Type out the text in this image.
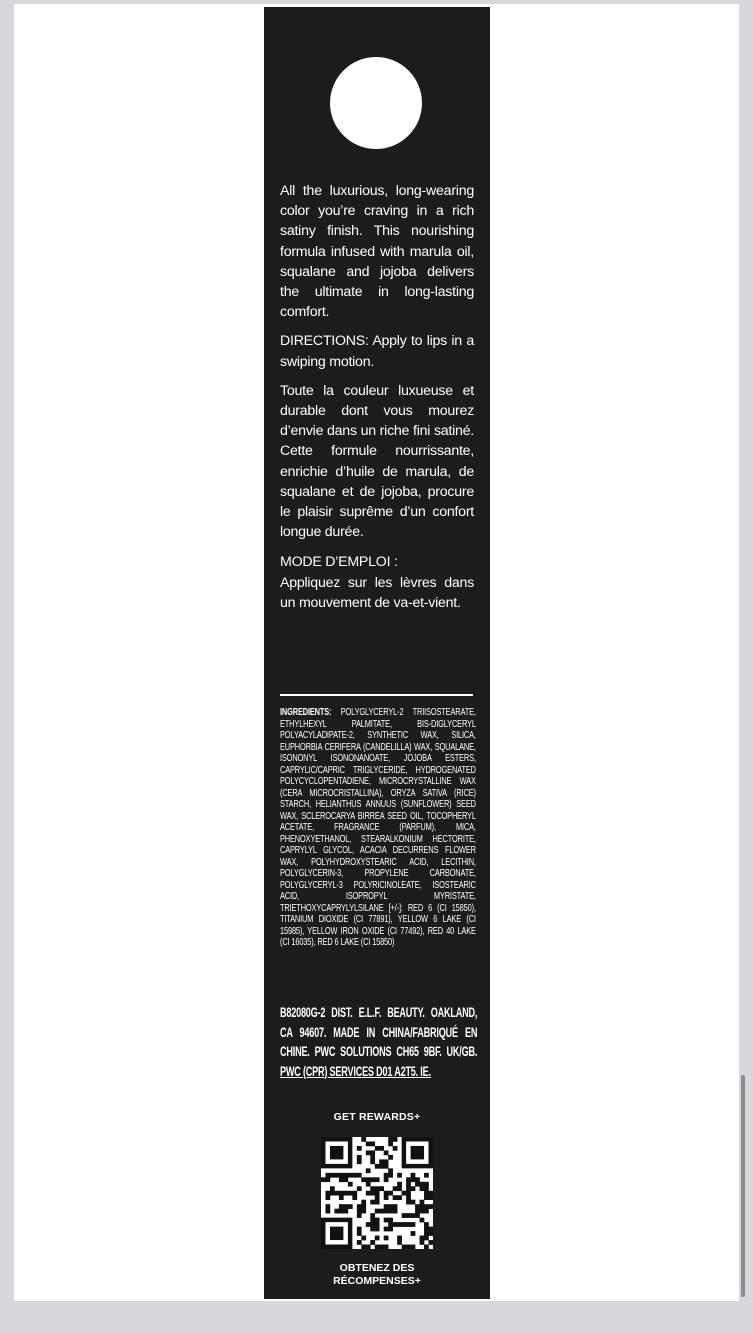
All the luxurious, long-wearing color you’re craving in a rich satiny finish. This nourishing formula infused with marula oil, squalane and jojoba delivers the ultimate in long-lasting comfort.

DIRECTIONS: Apply to lips in a swiping motion.

Toute la couleur luxueuse et durable dont vous mourez d’envie dans un riche fini satiné. Cette formule nourrissante, enrichie d’huile de marula, de squalane et de jojoba, procure le plaisir suprême d’un confort longue durée.

MODE D’EMPLOI :

Appliquez sur les lèvres dans un mouvement de va-et-vient.

INGREDIENTS: POLYGLYCERYL-2 TRIISOSTEARATE, ETHYLHEXYL PALMITATE, BIS-DIGLYCERYL POLYACYLADIPATE-2, SYNTHETIC WAX, SILICA, EUPHORBIA CERIFERA (CANDELILLA) WAX, SQUALANE, ISONONYL ISONONANOATE, JOJOBA ESTERS, CAPRYLIC/CAPRIC TRIGLYCERIDE, HYDROGENATED POLYCYCLOPENTADIENE, MICROCRYSTALLINE WAX (CERA MICROCRISTALLINA), ORYZA SATIVA (RICE) STARCH, HELIANTHUS ANNUUS (SUNFLOWER) SEED WAX, SCLEROCARYA BIRREA SEED OIL, TOCOPHERYL ACETATE, FRAGRANCE (PARFUM), MICA, PHENOXYETHANOL, STEARALKONIUM HECTORITE, CAPRYLYL GLYCOL, ACACIA DECURRENS FLOWER WAX, POLYHYDROXYSTEARIC ACID, LECITHIN, POLYGLYCERIN-3, PROPYLENE CARBONATE, POLYGLYCERYL-3 POLYRICINOLEATE, ISOSTEARIC ACID, ISOPROPYL MYRISTATE, TRIETHOXYCAPRYLYLSILANE [+/-]: RED 6 (CI 15850), TITANIUM DIOXIDE (CI 77891), YELLOW 6 LAKE (CI 15985), YELLOW IRON OXIDE (CI 77492), RED 40 LAKE (CI 16035), RED 6 LAKE (CI 15850)
B82080G-2 DIST. E.L.F. BEAUTY. OAKLAND, CA 94607. MADE IN CHINA/FABRIQUÉ EN CHINE. PWC SOLUTIONS CH65 9BF. UK/GB. PWC (CPR) SERVICES D01 A2T5. IE.
GET REWARDS+
OBTENEZ DES
RÉCOMPENSES+
